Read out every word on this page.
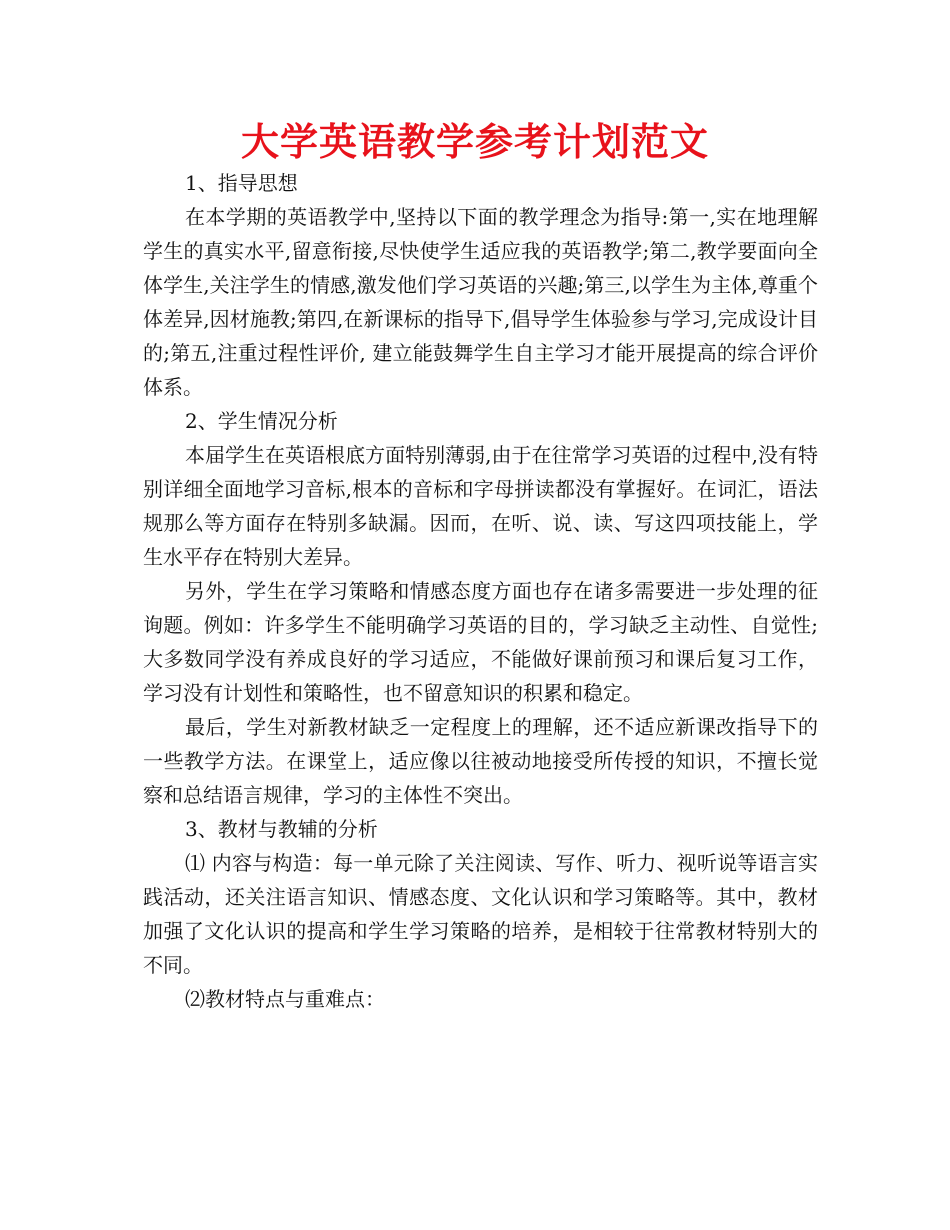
大学英语教学参考计划范文
1、指导思想

在本学期的英语教学中,坚持以下面的教学理念为指导:第一,实在地理解学生的真实水平,留意衔接,尽快使学生适应我的英语教学;第二,教学要面向全体学生,关注学生的情感,激发他们学习英语的兴趣;第三,以学生为主体,尊重个体差异,因材施教;第四,在新课标的指导下,倡导学生体验参与学习,完成设计目的;第五,注重过程性评价, 建立能鼓舞学生自主学习才能开展提高的综合评价体系。

2、学生情况分析

本届学生在英语根底方面特别薄弱,由于在往常学习英语的过程中,没有特别详细全面地学习音标,根本的音标和字母拼读都没有掌握好。在词汇，语法规那么等方面存在特别多缺漏。因而，在听、说、读、写这四项技能上，学生水平存在特别大差异。

另外，学生在学习策略和情感态度方面也存在诸多需要进一步处理的征询题。例如：许多学生不能明确学习英语的目的，学习缺乏主动性、自觉性;大多数同学没有养成良好的学习适应，不能做好课前预习和课后复习工作，学习没有计划性和策略性，也不留意知识的积累和稳定。

最后，学生对新教材缺乏一定程度上的理解，还不适应新课改指导下的一些教学方法。在课堂上，适应像以往被动地接受所传授的知识，不擅长觉察和总结语言规律，学习的主体性不突出。

3、教材与教辅的分析

⑴ 内容与构造：每一单元除了关注阅读、写作、听力、视听说等语言实践活动，还关注语言知识、情感态度、文化认识和学习策略等。其中，教材加强了文化认识的提高和学生学习策略的培养，是相较于往常教材特别大的不同。

⑵教材特点与重难点：
